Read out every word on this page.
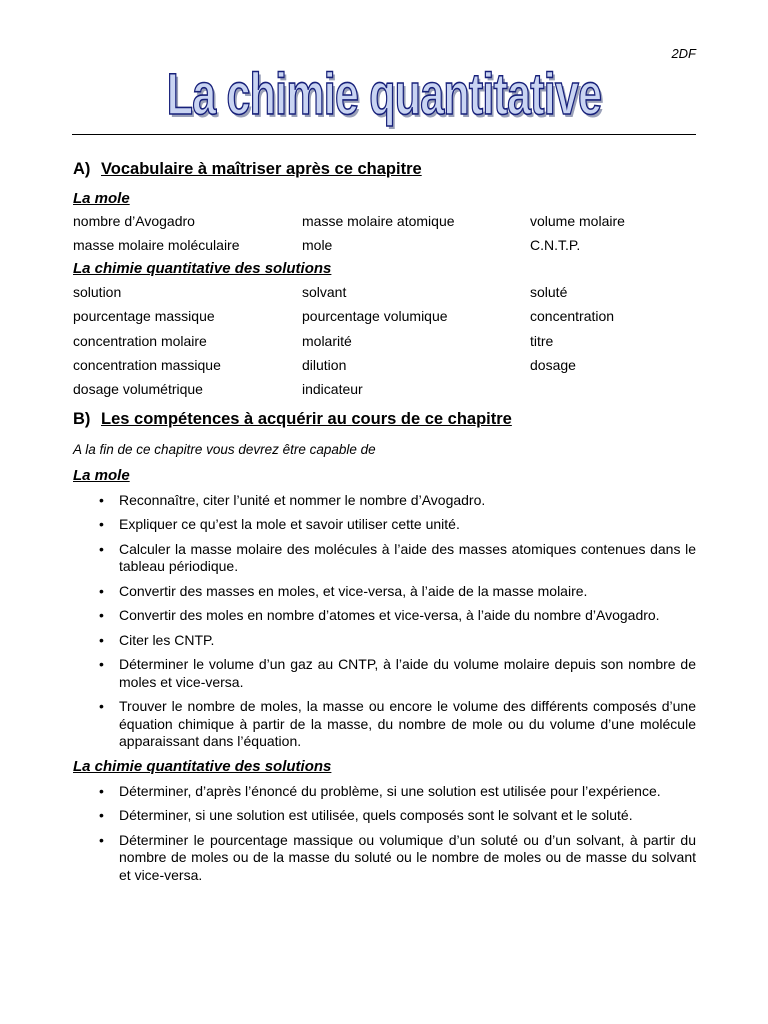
2DF
La chimie quantitative
A) Vocabulaire à maîtriser après ce chapitre
La mole
nombre d’Avogadro	masse molaire atomique	volume molaire
masse molaire moléculaire	mole	C.N.T.P.
La chimie quantitative des solutions
solution	solvant	soluté
pourcentage massique	pourcentage volumique	concentration
concentration molaire	molarité	titre
concentration massique	dilution	dosage
dosage volumétrique	indicateur
B) Les compétences à acquérir au cours de ce chapitre
A la fin de ce chapitre vous devrez être capable de
La mole
• Reconnaître, citer l’unité et nommer le nombre d’Avogadro.
• Expliquer ce qu’est la mole et savoir utiliser cette unité.
• Calculer la masse molaire des molécules à l’aide des masses atomiques contenues dans le tableau périodique.
• Convertir des masses en moles, et vice-versa, à l’aide de la masse molaire.
• Convertir des moles en nombre d’atomes et vice-versa, à l’aide du nombre d’Avogadro.
• Citer les CNTP.
• Déterminer le volume d’un gaz au CNTP, à l’aide du volume molaire depuis son nombre de moles et vice-versa.
• Trouver le nombre de moles, la masse ou encore le volume des différents composés d’une équation chimique à partir de la masse, du nombre de mole ou du volume d’une molécule apparaissant dans l’équation.
La chimie quantitative des solutions
• Déterminer, d’après l’énoncé du problème, si une solution est utilisée pour l’expérience.
• Déterminer, si une solution est utilisée, quels composés sont le solvant et le soluté.
• Déterminer le pourcentage massique ou volumique d’un soluté ou d’un solvant, à partir du nombre de moles ou de la masse du soluté ou le nombre de moles ou de masse du solvant et vice-versa.
